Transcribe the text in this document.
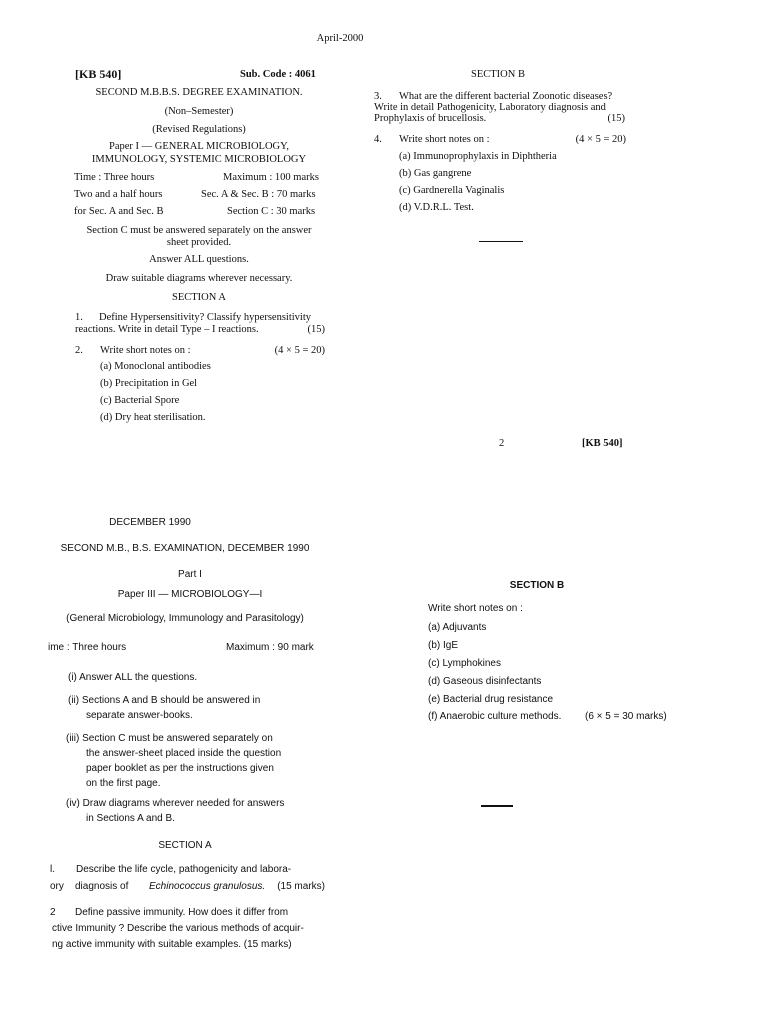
April-2000
[KB 540]	Sub. Code : 4061
SECOND M.B.B.S. DEGREE EXAMINATION.
(Non–Semester)
(Revised Regulations)
Paper I — GENERAL MICROBIOLOGY,
IMMUNOLOGY, SYSTEMIC MICROBIOLOGY
Time : Three hours	Maximum : 100 marks
Two and a half hours	Sec. A & Sec. B : 70 marks
for Sec. A and Sec. B	Section C : 30 marks
Section C must be answered separately on the answer
sheet provided.
Answer ALL questions.
Draw suitable diagrams wherever necessary.
SECTION A
1. Define Hypersensitivity? Classify hypersensitivity
reactions. Write in detail Type – I reactions.	(15)
2. Write short notes on :	(4 × 5 = 20)
(a) Monoclonal antibodies
(b) Precipitation in Gel
(c) Bacterial Spore
(d) Dry heat sterilisation.
SECTION B
3. What are the different bacterial Zoonotic diseases?
Write in detail Pathogenicity, Laboratory diagnosis and
Prophylaxis of brucellosis.	(15)
4. Write short notes on :	(4 × 5 = 20)
(a) Immunoprophylaxis in Diphtheria
(b) Gas gangrene
(c) Gardnerella Vaginalis
(d) V.D.R.L. Test.
2	[KB 540]
DECEMBER 1990
SECOND M.B., B.S. EXAMINATION, DECEMBER 1990
Part I
Paper III — MICROBIOLOGY—I
(General Microbiology, Immunology and Parasitology)
ime : Three hours	Maximum : 90 mark
(i) Answer ALL the questions.
(ii) Sections A and B should be answered in
separate answer-books.
(iii) Section C must be answered separately on
the answer-sheet placed inside the question
paper booklet as per the instructions given
on the first page.
(iv) Draw diagrams wherever needed for answers
in Sections A and B.
SECTION A
l. Describe the life cycle, pathogenicity and labora-
ory diagnosis of Echinococcus granulosus. (15 marks)
2 Define passive immunity. How does it differ from
ctive Immunity ? Describe the various methods of acquir-
ng active immunity with suitable examples. (15 marks)
SECTION B
Write short notes on :
(a) Adjuvants
(b) IgE
(c) Lymphokines
(d) Gaseous disinfectants
(e) Bacterial drug resistance
(f) Anaerobic culture methods. (6 × 5 = 30 marks)
